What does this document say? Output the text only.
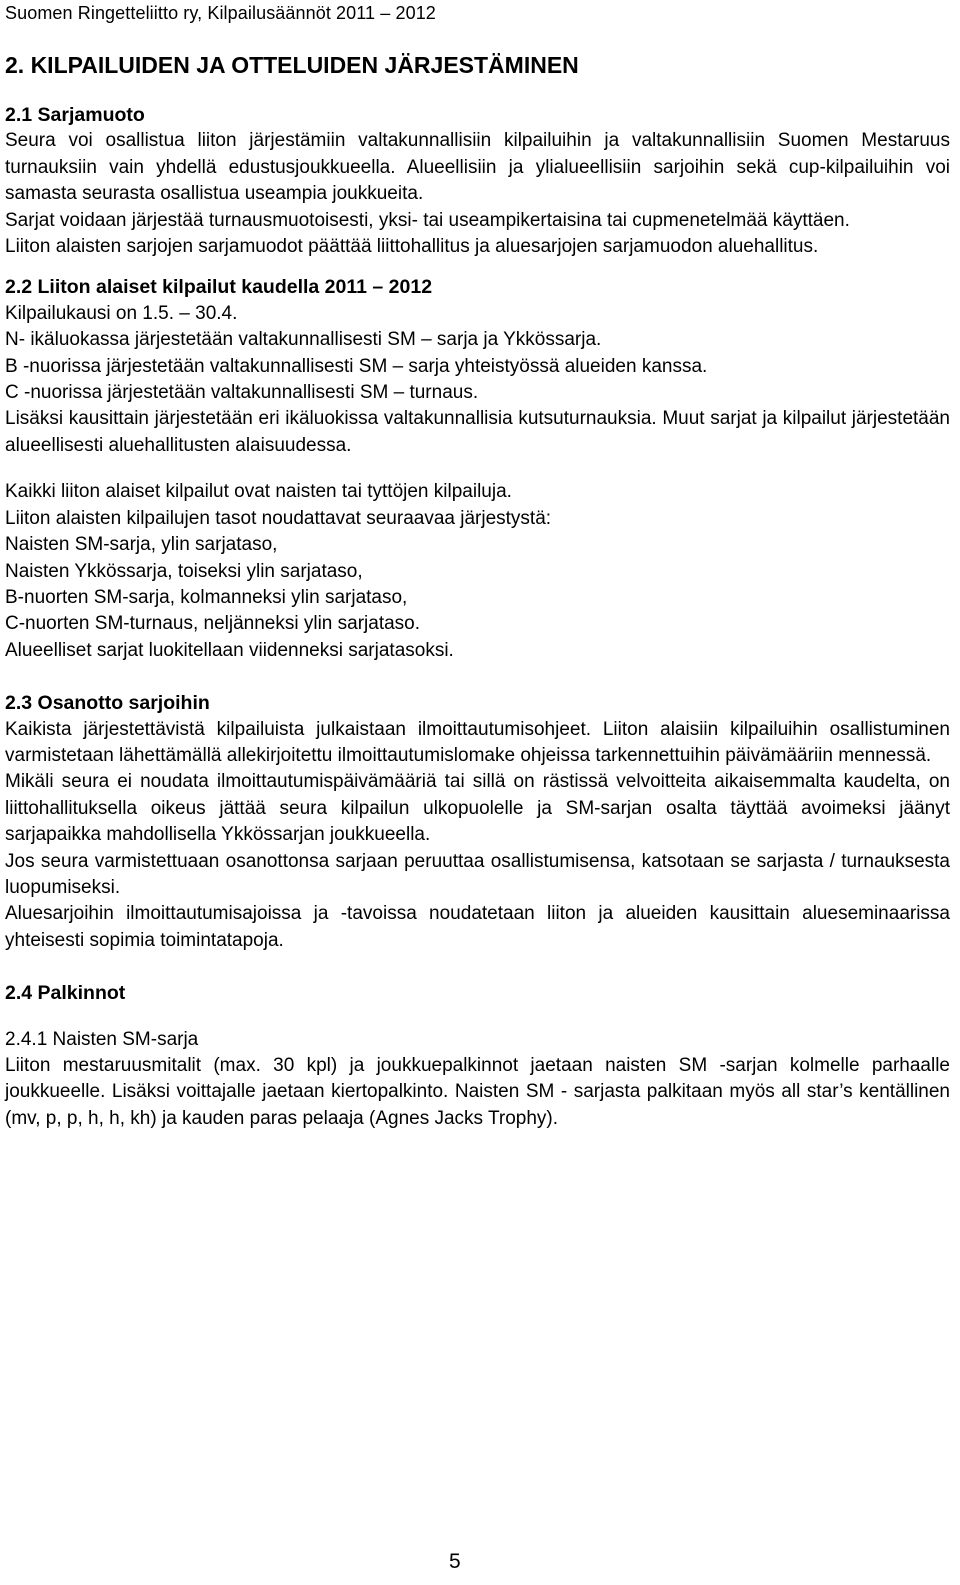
Suomen Ringetteliitto ry, Kilpailusäännöt 2011 – 2012
2. KILPAILUIDEN JA OTTELUIDEN JÄRJESTÄMINEN

2.1 Sarjamuoto

Seura voi osallistua liiton järjestämiin valtakunnallisiin kilpailuihin ja valtakunnallisiin Suomen Mestaruus turnauksiin vain yhdellä edustusjoukkueella. Alueellisiin ja ylialueellisiin sarjoihin sekä cup-kilpailuihin voi samasta seurasta osallistua useampia joukkueita.

Sarjat voidaan järjestää turnausmuotoisesti, yksi- tai useampikertaisina tai cupmenetelmää käyttäen.

Liiton alaisten sarjojen sarjamuodot päättää liittohallitus ja aluesarjojen sarjamuodon aluehallitus.

2.2 Liiton alaiset kilpailut kaudella 2011 – 2012

Kilpailukausi on 1.5. – 30.4.

N- ikäluokassa järjestetään valtakunnallisesti SM – sarja ja Ykkössarja.

B -nuorissa järjestetään valtakunnallisesti SM – sarja yhteistyössä alueiden kanssa.

C -nuorissa järjestetään valtakunnallisesti SM – turnaus.

Lisäksi kausittain järjestetään eri ikäluokissa valtakunnallisia kutsuturnauksia. Muut sarjat ja kilpailut järjestetään alueellisesti aluehallitusten alaisuudessa.

Kaikki liiton alaiset kilpailut ovat naisten tai tyttöjen kilpailuja.

Liiton alaisten kilpailujen tasot noudattavat seuraavaa järjestystä:

Naisten SM-sarja, ylin sarjataso,

Naisten Ykkössarja, toiseksi ylin sarjataso,

B-nuorten SM-sarja, kolmanneksi ylin sarjataso,

C-nuorten SM-turnaus, neljänneksi ylin sarjataso.

Alueelliset sarjat luokitellaan viidenneksi sarjatasoksi.

2.3 Osanotto sarjoihin

Kaikista järjestettävistä kilpailuista julkaistaan ilmoittautumisohjeet. Liiton alaisiin kilpailuihin osallistuminen varmistetaan lähettämällä allekirjoitettu ilmoittautumislomake ohjeissa tarkennettuihin päivämääriin mennessä.

Mikäli seura ei noudata ilmoittautumispäivämääriä tai sillä on rästissä velvoitteita aikaisemmalta kaudelta, on liittohallituksella oikeus jättää seura kilpailun ulkopuolelle ja SM-sarjan osalta täyttää avoimeksi jäänyt sarjapaikka mahdollisella Ykkössarjan joukkueella.

Jos seura varmistettuaan osanottonsa sarjaan peruuttaa osallistumisensa, katsotaan se sarjasta / turnauksesta luopumiseksi.

Aluesarjoihin ilmoittautumisajoissa ja -tavoissa noudatetaan liiton ja alueiden kausittain alueseminaarissa yhteisesti sopimia toimintatapoja.

2.4 Palkinnot

2.4.1 Naisten SM-sarja

Liiton mestaruusmitalit (max. 30 kpl) ja joukkuepalkinnot jaetaan naisten SM -sarjan kolmelle parhaalle joukkueelle. Lisäksi voittajalle jaetaan kiertopalkinto. Naisten SM - sarjasta palkitaan myös all star’s kentällinen (mv, p, p, h, h, kh) ja kauden paras pelaaja (Agnes Jacks Trophy).

5
